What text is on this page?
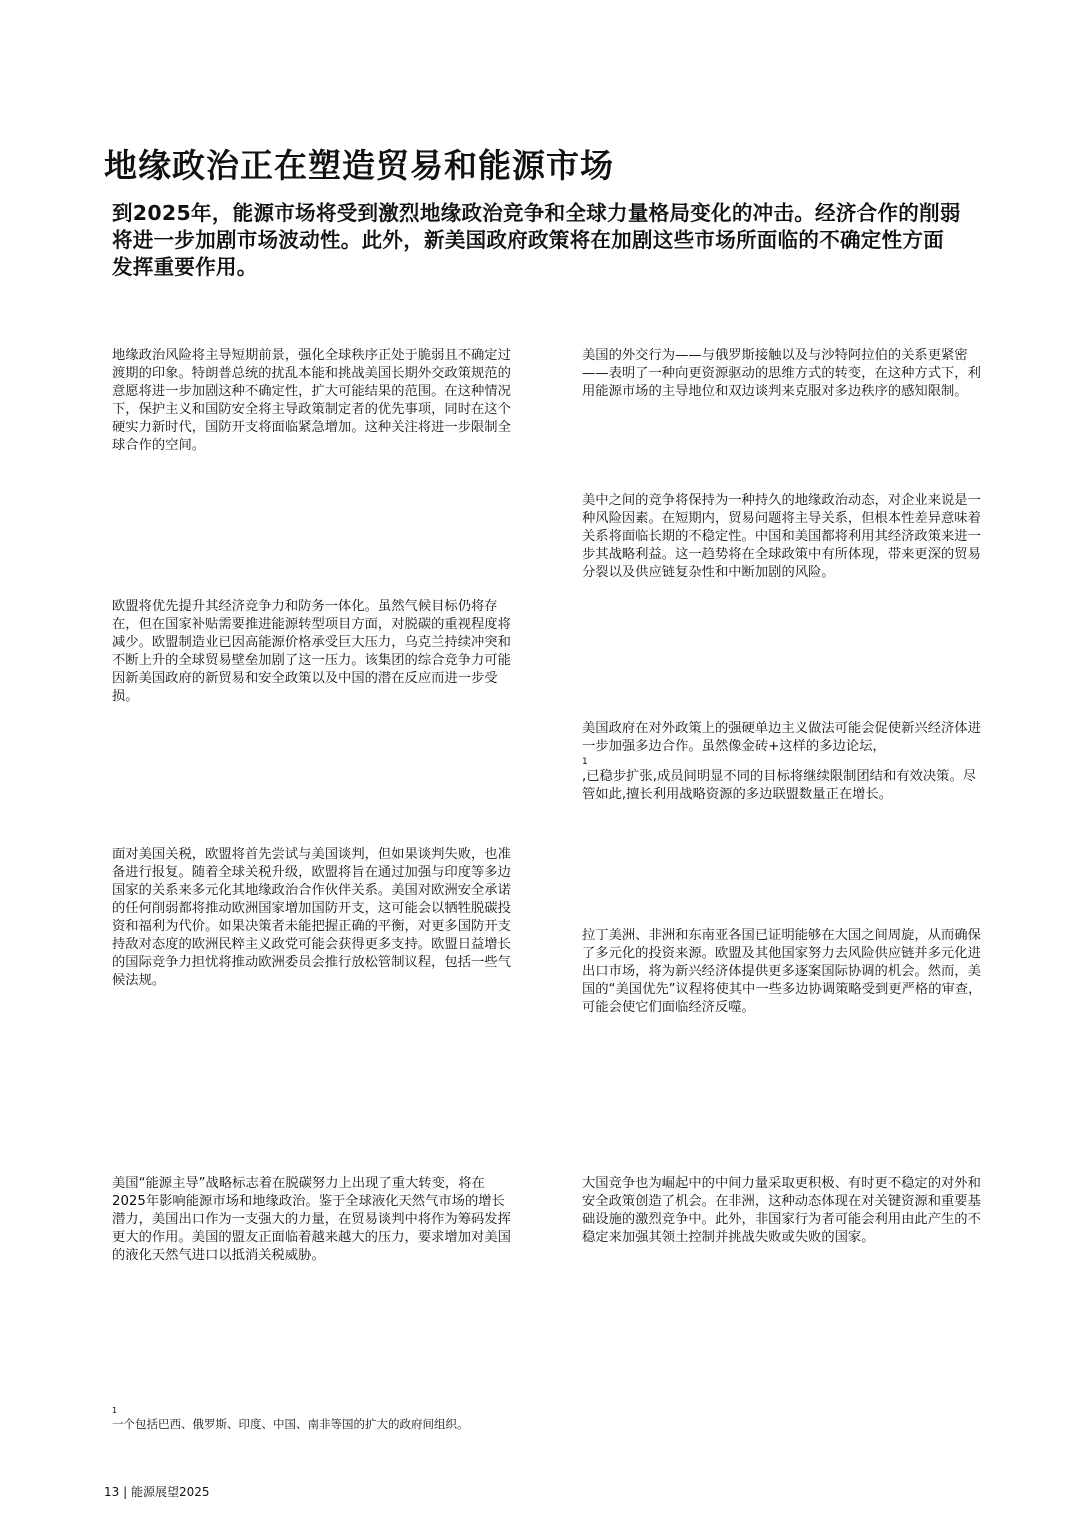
地缘政治正在塑造贸易和能源市场
到2025年，能源市场将受到激烈地缘政治竞争和全球力量格局变化的冲击。经济合作的削弱将进一步加剧市场波动性。此外，新美国政府政策将在加剧这些市场所面临的不确定性方面发挥重要作用。

地缘政治风险将主导短期前景，强化全球秩序正处于脆弱且不确定过渡期的印象。特朗普总统的扰乱本能和挑战美国长期外交政策规范的意愿将进一步加剧这种不确定性，扩大可能结果的范围。在这种情况下，保护主义和国防安全将主导政策制定者的优先事项，同时在这个硬实力新时代，国防开支将面临紧急增加。这种关注将进一步限制全球合作的空间。

欧盟将优先提升其经济竞争力和防务一体化。虽然气候目标仍将存在，但在国家补贴需要推进能源转型项目方面，对脱碳的重视程度将减少。欧盟制造业已因高能源价格承受巨大压力，乌克兰持续冲突和不断上升的全球贸易壁垒加剧了这一压力。该集团的综合竞争力可能因新美国政府的新贸易和安全政策以及中国的潜在反应而进一步受损。

面对美国关税，欧盟将首先尝试与美国谈判，但如果谈判失败，也准备进行报复。随着全球关税升级，欧盟将旨在通过加强与印度等多边国家的关系来多元化其地缘政治合作伙伴关系。美国对欧洲安全承诺的任何削弱都将推动欧洲国家增加国防开支，这可能会以牺牲脱碳投资和福利为代价。如果决策者未能把握正确的平衡，对更多国防开支持敌对态度的欧洲民粹主义政党可能会获得更多支持。欧盟日益增长的国际竞争力担忧将推动欧洲委员会推行放松管制议程，包括一些气候法规。

美国“能源主导”战略标志着在脱碳努力上出现了重大转变，将在2025年影响能源市场和地缘政治。鉴于全球液化天然气市场的增长潜力，美国出口作为一支强大的力量，在贸易谈判中将作为筹码发挥更大的作用。美国的盟友正面临着越来越大的压力，要求增加对美国的液化天然气进口以抵消关税威胁。

美国的外交行为——与俄罗斯接触以及与沙特阿拉伯的关系更紧密——表明了一种向更资源驱动的思维方式的转变，在这种方式下，利用能源市场的主导地位和双边谈判来克服对多边秩序的感知限制。

美中之间的竞争将保持为一种持久的地缘政治动态，对企业来说是一种风险因素。在短期内，贸易问题将主导关系，但根本性差异意味着关系将面临长期的不稳定性。中国和美国都将利用其经济政策来进一步其战略利益。这一趋势将在全球政策中有所体现，带来更深的贸易分裂以及供应链复杂性和中断加剧的风险。

美国政府在对外政策上的强硬单边主义做法可能会促使新兴经济体进一步加强多边合作。虽然像金砖+这样的多边论坛，

1

,已稳步扩张,成员间明显不同的目标将继续限制团结和有效决策。尽管如此,擅长利用战略资源的多边联盟数量正在增长。

拉丁美洲、非洲和东南亚各国已证明能够在大国之间周旋，从而确保了多元化的投资来源。欧盟及其他国家努力去风险供应链并多元化进出口市场，将为新兴经济体提供更多逐案国际协调的机会。然而，美国的“美国优先”议程将使其中一些多边协调策略受到更严格的审查，可能会使它们面临经济反噬。

大国竞争也为崛起中的中间力量采取更积极、有时更不稳定的对外和安全政策创造了机会。在非洲，这种动态体现在对关键资源和重要基础设施的激烈竞争中。此外，非国家行为者可能会利用由此产生的不稳定来加强其领土控制并挑战失败或失败的国家。

1
一个包括巴西、俄罗斯、印度、中国、南非等国的扩大的政府间组织。
13 | 能源展望2025
